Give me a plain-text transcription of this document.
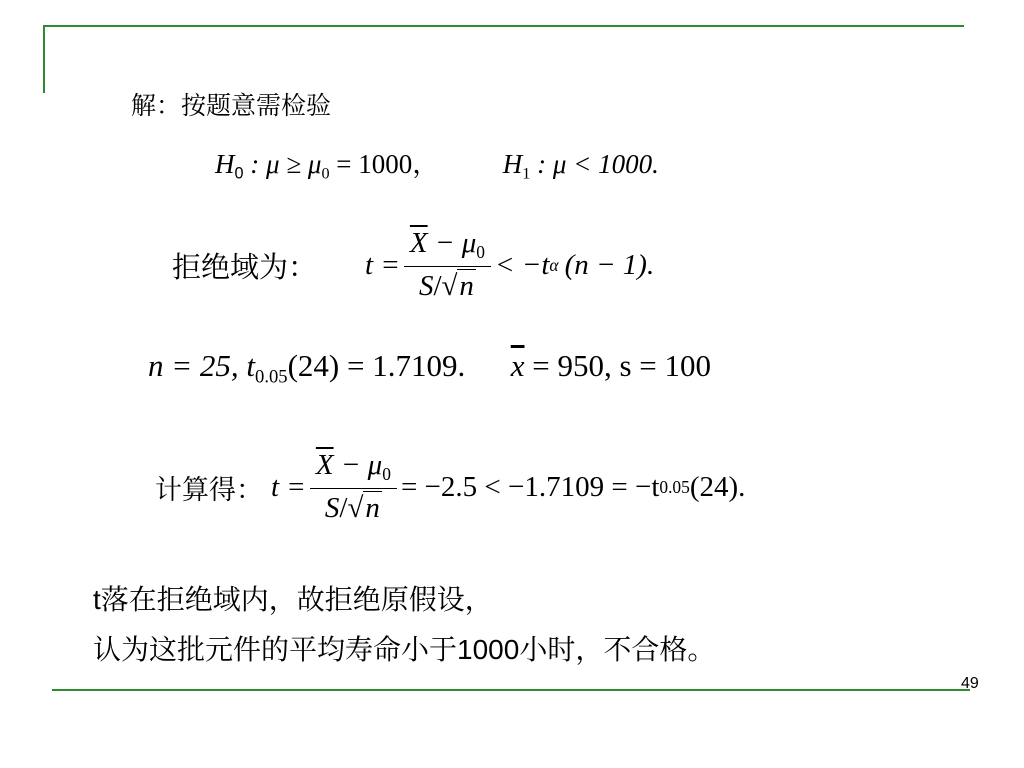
解：按题意需检验
$H_0$ : $\mu \ge \mu_0 = 1000$， $H_1$ : μ < 1000.
拒绝域为： $t = \frac{\overline{X} - \mu_0}{S/√n} < -t$ α (n − 1).
n = 25, $t_{0.05}(24) = 1.7109$. $\overline{x} = 950$, s = 100
计算得： $t = \frac{\overline{X} - \mu_0}{S/√n} = -2.5 < -1.7109 = -t$ 0.05 (24).
t落在拒绝域内，故拒绝原假设，
认为这批元件的平均寿命小于1000小时，不合格。
49
